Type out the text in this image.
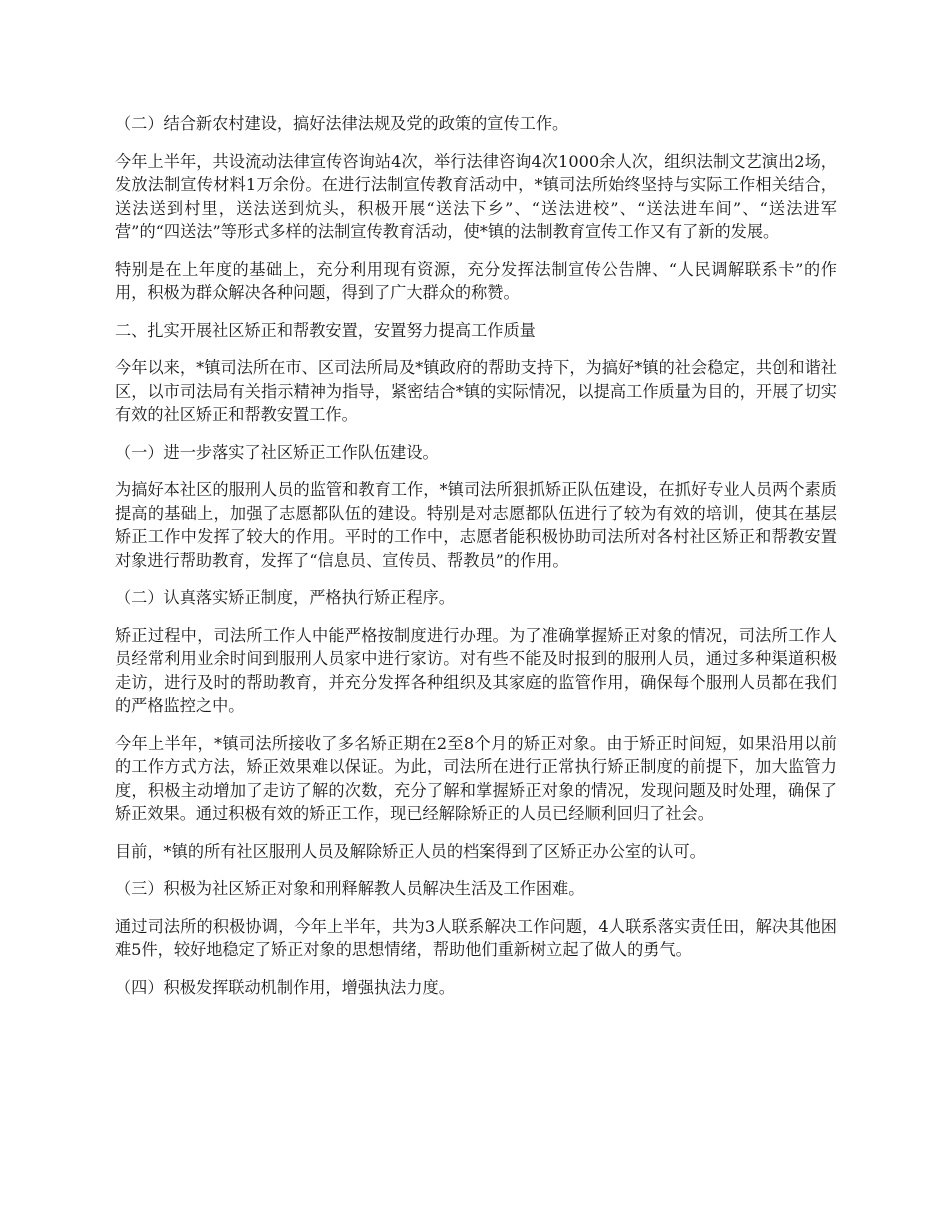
（二）结合新农村建设，搞好法律法规及党的政策的宣传工作。

今年上半年，共设流动法律宣传咨询站4次，举行法律咨询4次1000余人次，组织法制文艺演出2场，发放法制宣传材料1万余份。在进行法制宣传教育活动中，*镇司法所始终坚持与实际工作相关结合，送法送到村里，送法送到炕头，积极开展“送法下乡”、“送法进校”、“送法进车间”、“送法进军营”的“四送法”等形式多样的法制宣传教育活动，使*镇的法制教育宣传工作又有了新的发展。

特别是在上年度的基础上，充分利用现有资源，充分发挥法制宣传公告牌、“人民调解联系卡”的作用，积极为群众解决各种问题，得到了广大群众的称赞。

二、扎实开展社区矫正和帮教安置，安置努力提高工作质量

今年以来，*镇司法所在市、区司法所局及*镇政府的帮助支持下，为搞好*镇的社会稳定，共创和谐社区，以市司法局有关指示精神为指导，紧密结合*镇的实际情况，以提高工作质量为目的，开展了切实有效的社区矫正和帮教安置工作。

（一）进一步落实了社区矫正工作队伍建设。

为搞好本社区的服刑人员的监管和教育工作，*镇司法所狠抓矫正队伍建设，在抓好专业人员两个素质提高的基础上，加强了志愿都队伍的建设。特别是对志愿都队伍进行了较为有效的培训，使其在基层矫正工作中发挥了较大的作用。平时的工作中，志愿者能积极协助司法所对各村社区矫正和帮教安置对象进行帮助教育，发挥了“信息员、宣传员、帮教员”的作用。

（二）认真落实矫正制度，严格执行矫正程序。

矫正过程中，司法所工作人中能严格按制度进行办理。为了准确掌握矫正对象的情况，司法所工作人员经常利用业余时间到服刑人员家中进行家访。对有些不能及时报到的服刑人员，通过多种渠道积极走访，进行及时的帮助教育，并充分发挥各种组织及其家庭的监管作用，确保每个服刑人员都在我们的严格监控之中。

今年上半年，*镇司法所接收了多名矫正期在2至8个月的矫正对象。由于矫正时间短，如果沿用以前的工作方式方法，矫正效果难以保证。为此，司法所在进行正常执行矫正制度的前提下，加大监管力度，积极主动增加了走访了解的次数，充分了解和掌握矫正对象的情况，发现问题及时处理，确保了矫正效果。通过积极有效的矫正工作，现已经解除矫正的人员已经顺利回归了社会。

目前，*镇的所有社区服刑人员及解除矫正人员的档案得到了区矫正办公室的认可。

（三）积极为社区矫正对象和刑释解教人员解决生活及工作困难。

通过司法所的积极协调，今年上半年，共为3人联系解决工作问题，4人联系落实责任田，解决其他困难5件，较好地稳定了矫正对象的思想情绪，帮助他们重新树立起了做人的勇气。

（四）积极发挥联动机制作用，增强执法力度。
